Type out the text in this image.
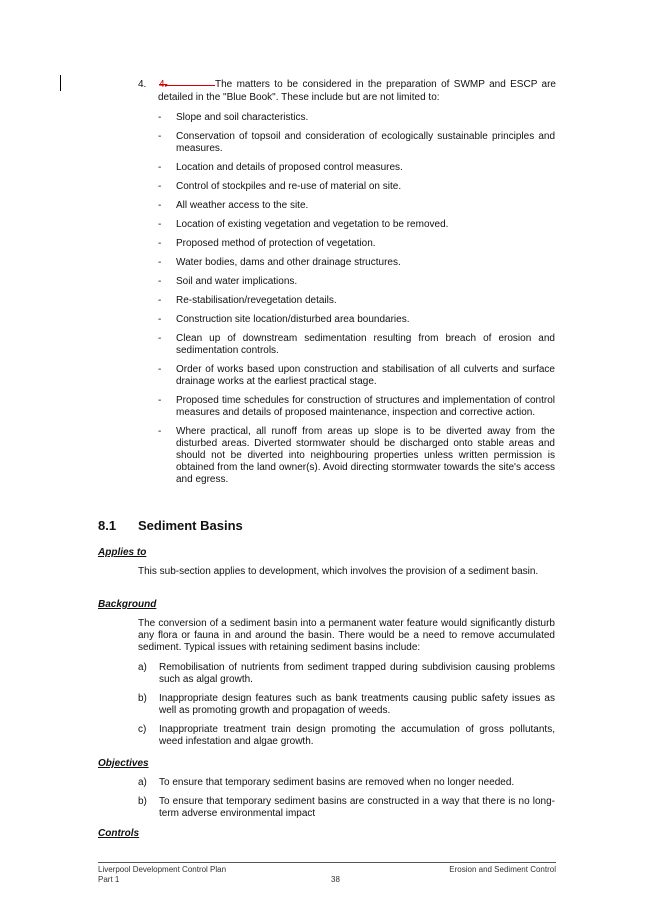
4. 4.	The matters to be considered in the preparation of SWMP and ESCP are detailed in the "Blue Book". These include but are not limited to:
- Slope and soil characteristics.
- Conservation of topsoil and consideration of ecologically sustainable principles and measures.
- Location and details of proposed control measures.
- Control of stockpiles and re-use of material on site.
- All weather access to the site.
- Location of existing vegetation and vegetation to be removed.
- Proposed method of protection of vegetation.
- Water bodies, dams and other drainage structures.
- Soil and water implications.
- Re-stabilisation/revegetation details.
- Construction site location/disturbed area boundaries.
- Clean up of downstream sedimentation resulting from breach of erosion and sedimentation controls.
- Order of works based upon construction and stabilisation of all culverts and surface drainage works at the earliest practical stage.
- Proposed time schedules for construction of structures and implementation of control measures and details of proposed maintenance, inspection and corrective action.
- Where practical, all runoff from areas up slope is to be diverted away from the disturbed areas. Diverted stormwater should be discharged onto stable areas and should not be diverted into neighbouring properties unless written permission is obtained from the land owner(s). Avoid directing stormwater towards the site's access and egress.
8.1 Sediment Basins
Applies to
This sub-section applies to development, which involves the provision of a sediment basin.
Background
The conversion of a sediment basin into a permanent water feature would significantly disturb any flora or fauna in and around the basin. There would be a need to remove accumulated sediment. Typical issues with retaining sediment basins include:
a) Remobilisation of nutrients from sediment trapped during subdivision causing problems such as algal growth.
b) Inappropriate design features such as bank treatments causing public safety issues as well as promoting growth and propagation of weeds.
c) Inappropriate treatment train design promoting the accumulation of gross pollutants, weed infestation and algae growth.
Objectives
a) To ensure that temporary sediment basins are removed when no longer needed.
b) To ensure that temporary sediment basins are constructed in a way that there is no long-term adverse environmental impact
Controls
Liverpool Development Control Plan
Part 1	38
Erosion and Sediment Control
